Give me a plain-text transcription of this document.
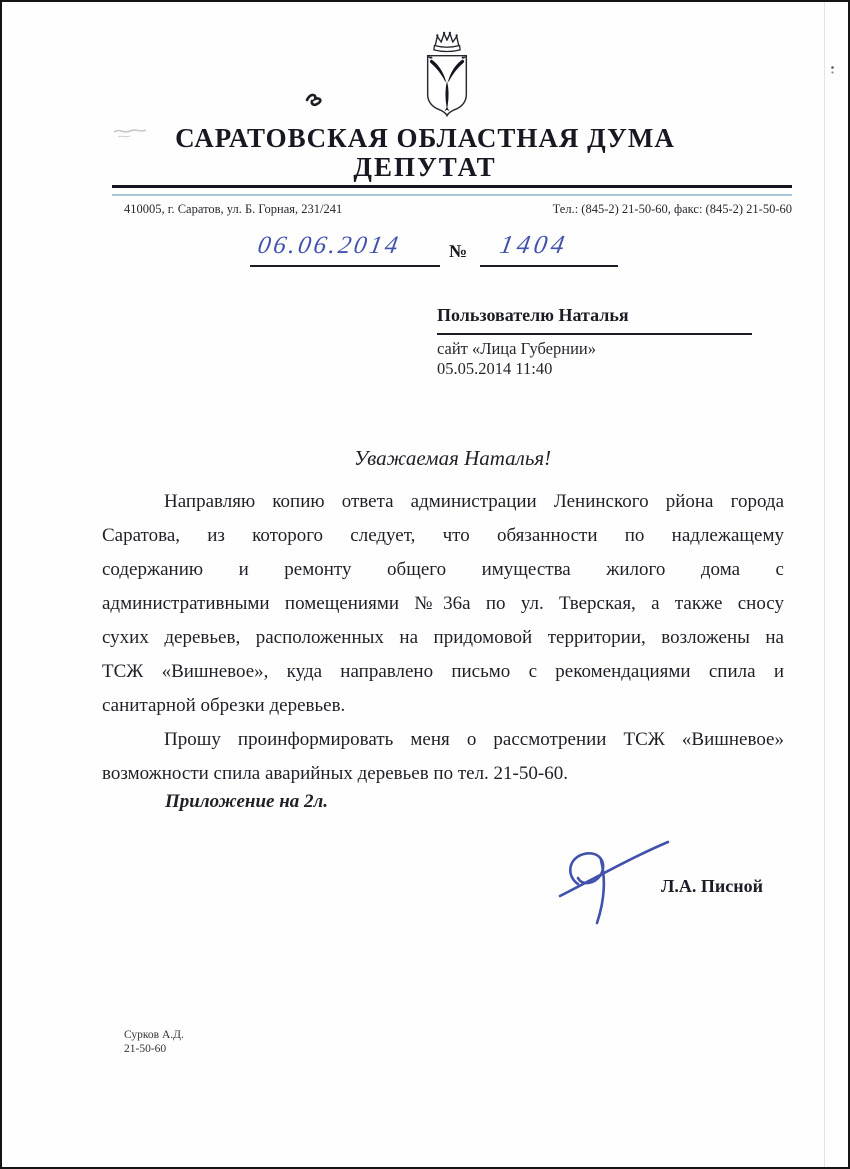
САРАТОВСКАЯ ОБЛАСТНАЯ ДУМА
ДЕПУТАТ
410005, г. Саратов, ул. Б. Горная, 231/241	Тел.: (845-2) 21-50-60, факс: (845-2) 21-50-60
06.06.2014	№ 1404
Пользователю Наталья
сайт «Лица Губернии»
05.05.2014 11:40
Уважаемая Наталья!
Направляю копию ответа администрации Ленинского рйона города
Саратова, из которого следует, что обязанности по надлежащему
содержанию и ремонту общего имущества жилого дома с
административными помещениями №36а по ул. Тверская, а также сносу
сухих деревьев, расположенных на придомовой территории, возложены на
ТСЖ «Вишневое», куда направлено письмо с рекомендациями спила и
санитарной обрезки деревьев.
Прошу проинформировать меня о рассмотрении ТСЖ «Вишневое»
возможности спила аварийных деревьев по тел. 21-50-60.
Приложение на 2л.
Л.А. Писной
Сурков А.Д.
21-50-60
